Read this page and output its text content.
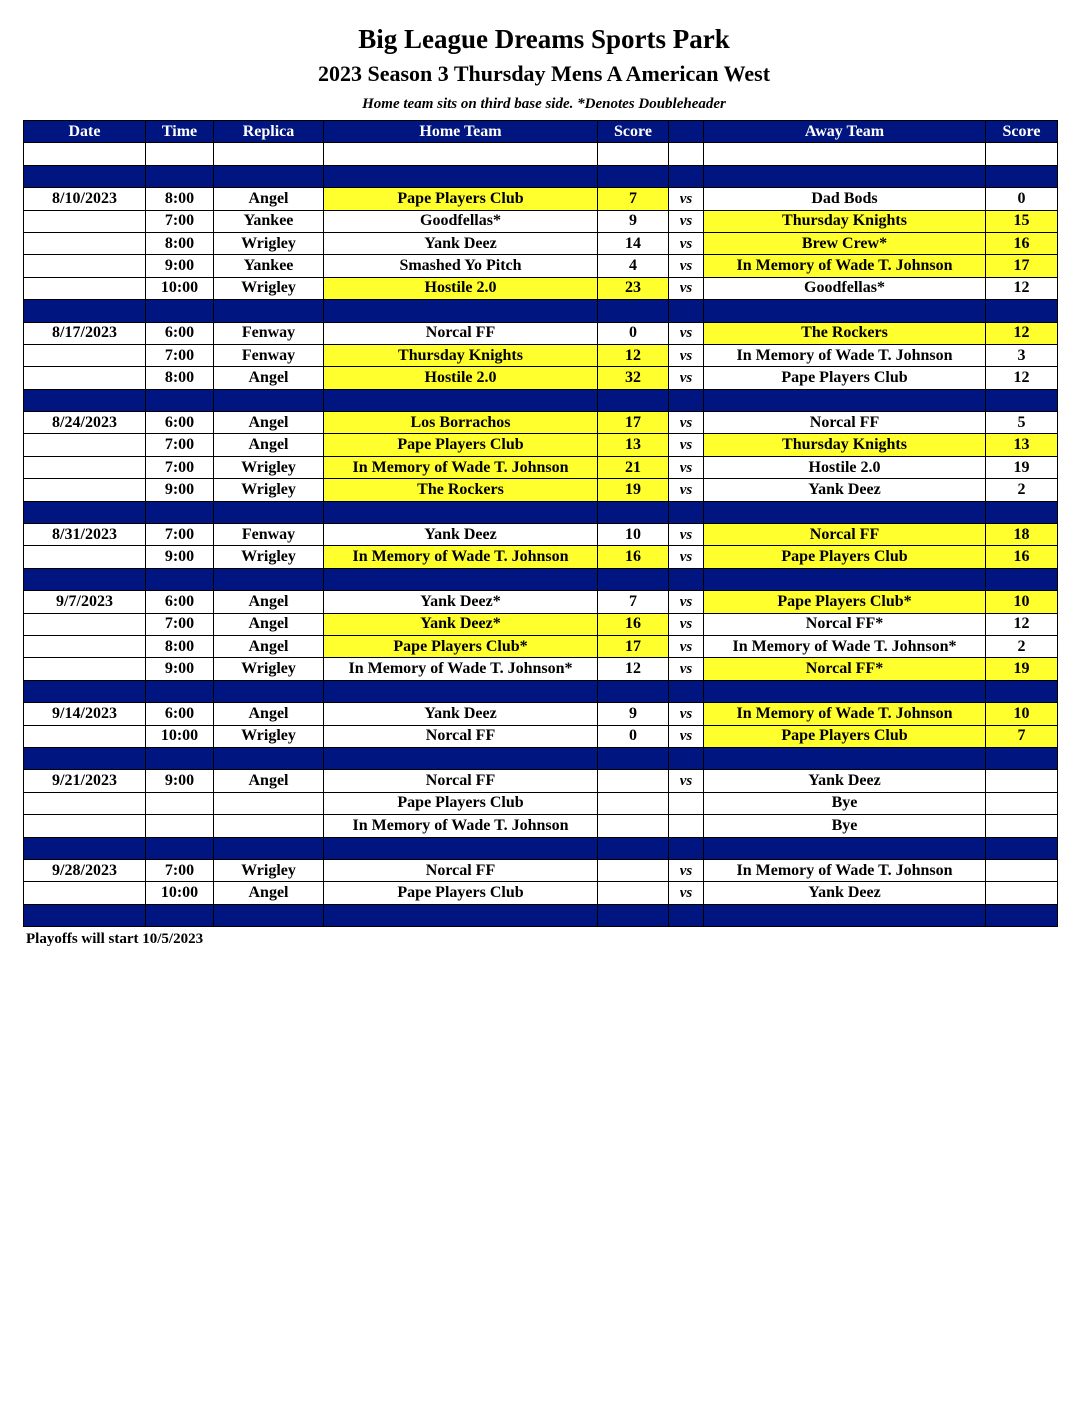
Big League Dreams Sports Park
2023 Season 3 Thursday Mens A American West
Home team sits on third base side. *Denotes Doubleheader
Date	Time	Replica	Home Team	Score		Away Team	Score

8/10/2023	8:00	Angel	Pape Players Club	7	vs	Dad Bods	0
	7:00	Yankee	Goodfellas*	9	vs	Thursday Knights	15
	8:00	Wrigley	Yank Deez	14	vs	Brew Crew*	16
	9:00	Yankee	Smashed Yo Pitch	4	vs	In Memory of Wade T. Johnson	17
	10:00	Wrigley	Hostile 2.0	23	vs	Goodfellas*	12

8/17/2023	6:00	Fenway	Norcal FF	0	vs	The Rockers	12
	7:00	Fenway	Thursday Knights	12	vs	In Memory of Wade T. Johnson	3
	8:00	Angel	Hostile 2.0	32	vs	Pape Players Club	12

8/24/2023	6:00	Angel	Los Borrachos	17	vs	Norcal FF	5
	7:00	Angel	Pape Players Club	13	vs	Thursday Knights	13
	7:00	Wrigley	In Memory of Wade T. Johnson	21	vs	Hostile 2.0	19
	9:00	Wrigley	The Rockers	19	vs	Yank Deez	2

8/31/2023	7:00	Fenway	Yank Deez	10	vs	Norcal FF	18
	9:00	Wrigley	In Memory of Wade T. Johnson	16	vs	Pape Players Club	16

9/7/2023	6:00	Angel	Yank Deez*	7	vs	Pape Players Club*	10
	7:00	Angel	Yank Deez*	16	vs	Norcal FF*	12
	8:00	Angel	Pape Players Club*	17	vs	In Memory of Wade T. Johnson*	2
	9:00	Wrigley	In Memory of Wade T. Johnson*	12	vs	Norcal FF*	19

9/14/2023	6:00	Angel	Yank Deez	9	vs	In Memory of Wade T. Johnson	10
	10:00	Wrigley	Norcal FF	0	vs	Pape Players Club	7

9/21/2023	9:00	Angel	Norcal FF		vs	Yank Deez	
			Pape Players Club			Bye	
			In Memory of Wade T. Johnson			Bye	

9/28/2023	7:00	Wrigley	Norcal FF		vs	In Memory of Wade T. Johnson	
	10:00	Angel	Pape Players Club		vs	Yank Deez	

Playoffs will start 10/5/2023
